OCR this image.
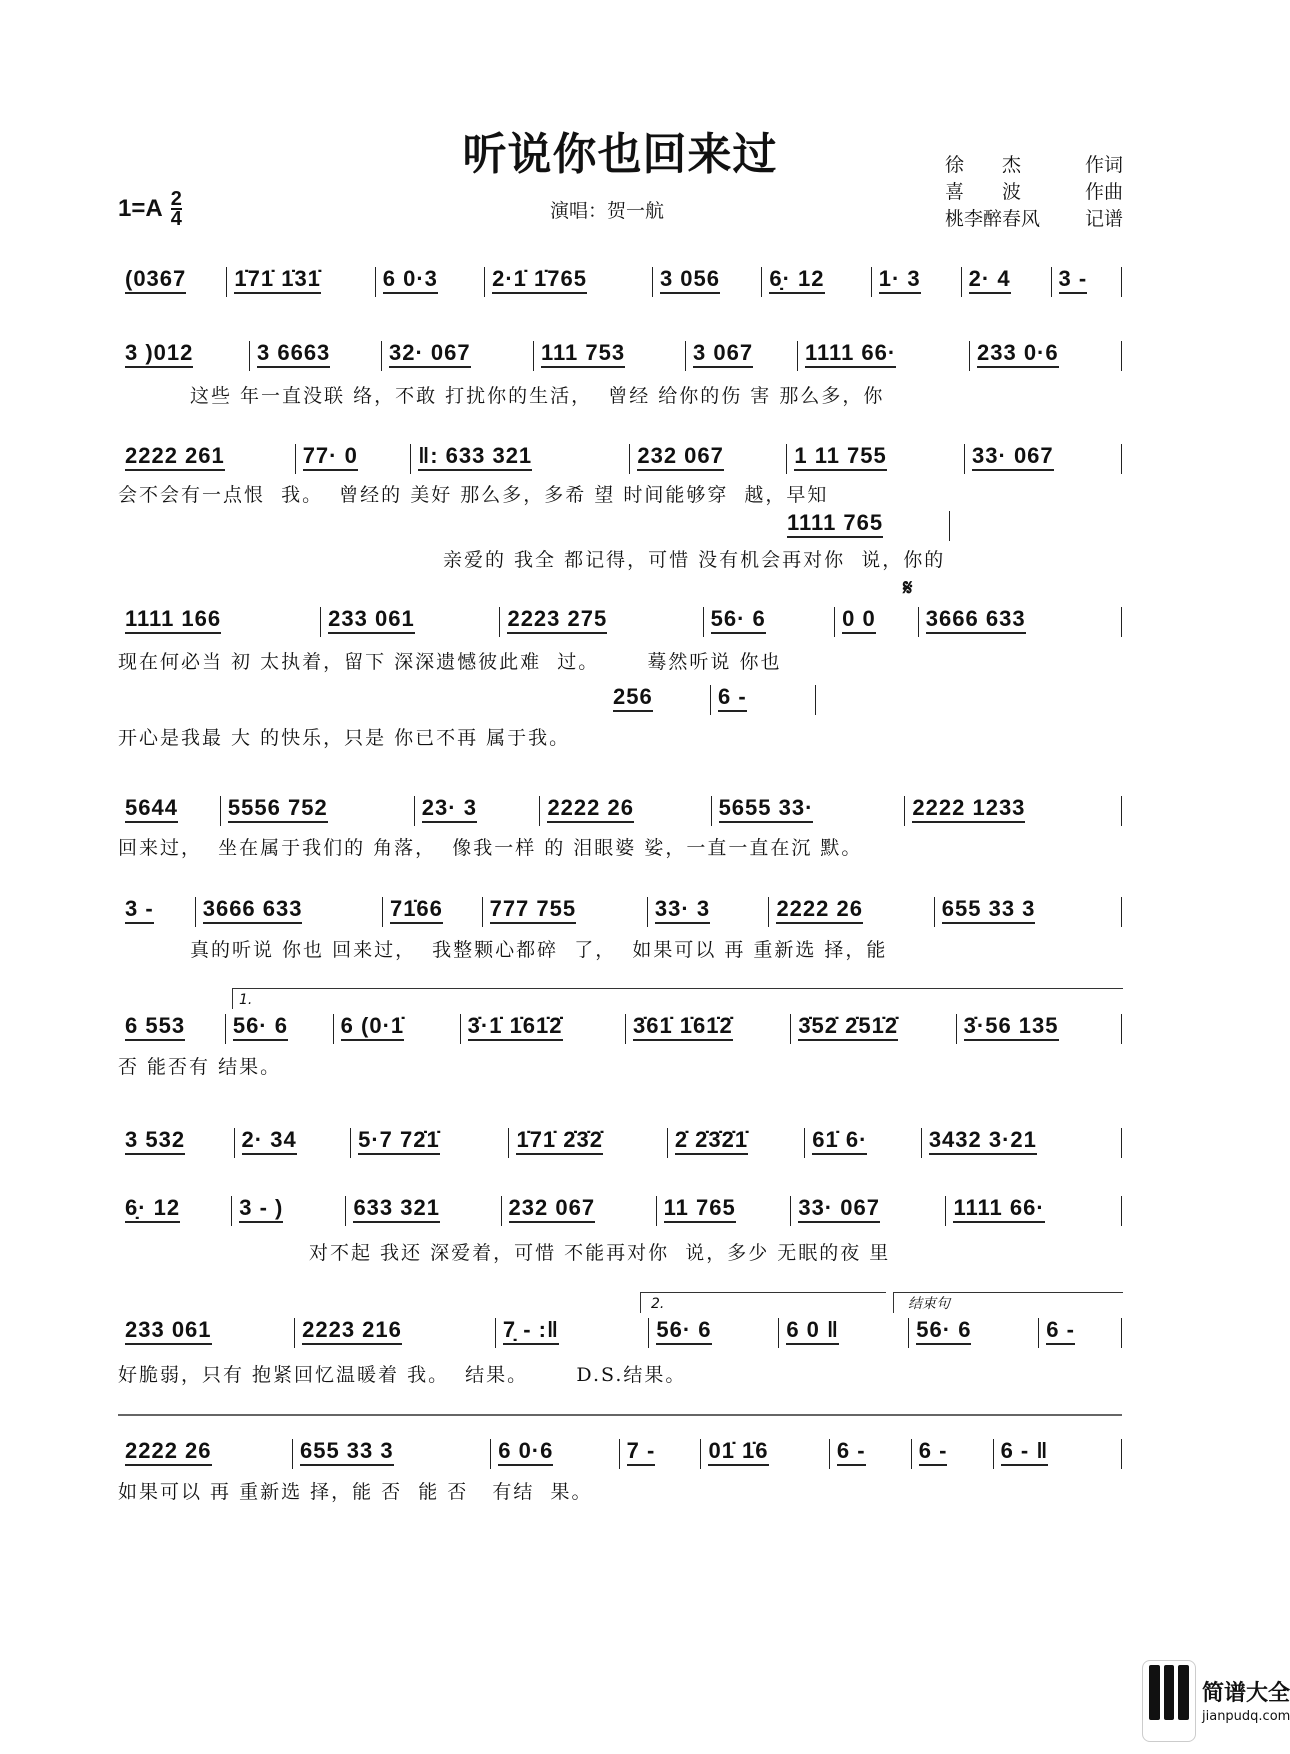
听说你也回来过
$1=A \frac{2}{4}$	演唱：贺一航
徐　　杰	作词
喜　　波	作曲
桃李醉春风 记谱
(0367 1̇71̇ 1̇31̇	6 0·3 2·1̇ 1̇765	3 056 6̣· 12 1· 3 2· 4 3 -
3 )012	3 6663	32· 067	111 753	3 067 1111 66·	233 0·6
2222 261	77· 0	‖: 633 321	232 067	1 11 755	33· 067
1111 166	233 061	2223 275	56· 6	0 0 3666 633
5644 5556 752	23· 3	2222 26	5655 33·	2222 1233
3 - 3666 633	71̇66 777 755	33· 3	2222 26	655 33 3
6 553 56· 6 6 (0·1̇	3̇·1̇ 1̇61̇2̇	3̇61̇ 1̇61̇2̇	3̇52̇ 2̇51̇2̇	3̇·56 135
3 532	2· 34	5·7 72̇1̇	1̇71̇ 2̇3̇2̇	2̇ 2̇3̇2̇1̇	61̇ 6·	3432 3·21
6̣· 12	3 - )	633 321	232 067	11 765	33· 067	1111 66·
233 061	2223 216	7̣ - :‖	56· 6	6 0 ‖	56· 6	6 -
2222 26	655 33 3	6 0·6	7 - 01̇ 1̇6	6 - 6 - 6 - ‖
1111 765
256	6 -
𝄋
1.
2.	结束句
这些 年一直没联 络，不敢 打扰你的生活，  曾经 给你的伤 害 那么多，你
会不会有一点恨  我。  曾经的 美好 那么多，多希 望 时间能够穿  越，早知
亲爱的 我全 都记得，可惜 没有机会再对你  说，你的
现在何必当 初 太执着，留下 深深遗憾彼此难  过。      蓦然听说 你也
开心是我最 大 的快乐，只是 你已不再 属于我。
回来过，  坐在属于我们的 角落，  像我一样 的 泪眼婆 娑，一直一直在沉 默。
真的听说 你也 回来过，  我整颗心都碎  了，  如果可以 再 重新选 择，能
否 能否有 结果。
对不起 我还 深爱着，可惜 不能再对你  说，多少 无眠的夜 里
好脆弱，只有 抱紧回忆温暖着 我。  结果。      D.S.结果。
如果可以 再 重新选 择，能 否  能 否   有结  果。
简谱大全
jianpudq.com
